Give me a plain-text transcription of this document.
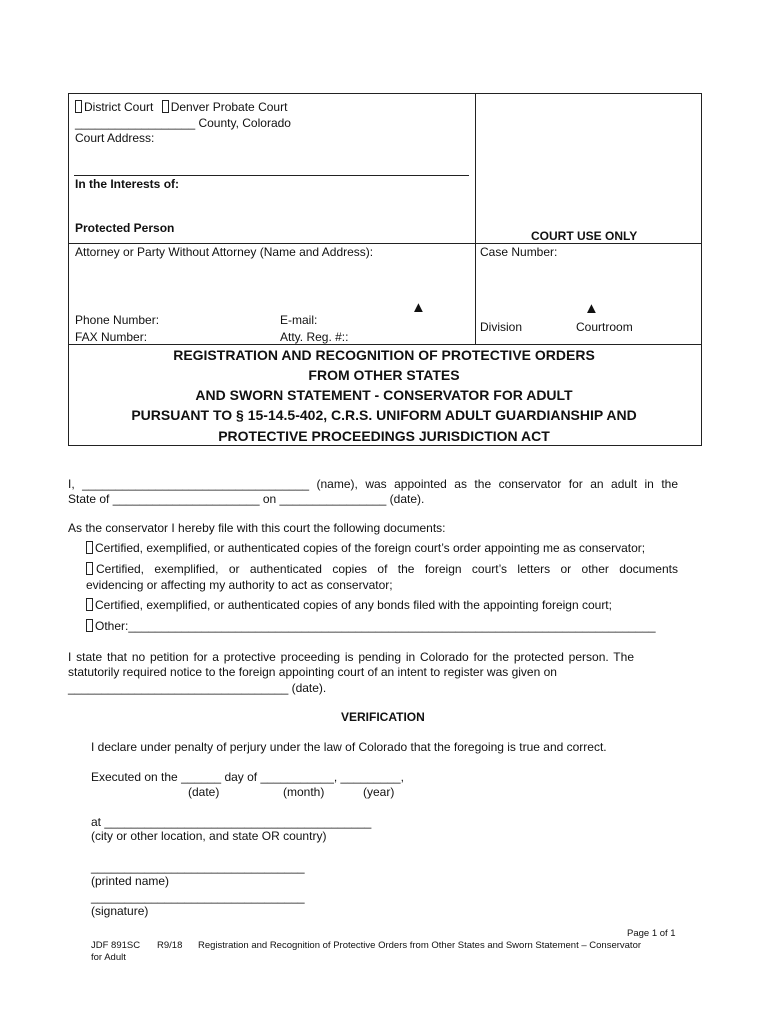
District Court Denver Probate Court
__________________ County, Colorado
Court Address:
In the Interests of:
Protected Person
COURT USE ONLY
Attorney or Party Without Attorney (Name and Address):	Case Number:
Phone Number:	E-mail:
FAX Number:	Atty. Reg. #::
▲	▲
Division	Courtroom
REGISTRATION AND RECOGNITION OF PROTECTIVE ORDERS
FROM OTHER STATES
AND SWORN STATEMENT - CONSERVATOR FOR ADULT
PURSUANT TO § 15-14.5-402, C.R.S. UNIFORM ADULT GUARDIANSHIP AND
PROTECTIVE PROCEEDINGS JURISDICTION ACT
I, __________________________________ (name), was appointed as the conservator for an adult in the
State of ______________________ on ________________ (date).
As the conservator I hereby file with this court the following documents:
Certified, exemplified, or authenticated copies of the foreign court’s order appointing me as conservator;
Certified, exemplified, or authenticated copies of the foreign court’s letters or other documents
evidencing or affecting my authority to act as conservator;
Certified, exemplified, or authenticated copies of any bonds filed with the appointing foreign court;
Other:_______________________________________________________________________________
I state that no petition for a protective proceeding is pending in Colorado for the protected person. The
statutorily required notice to the foreign appointing court of an intent to register was given on
_________________________________ (date).
VERIFICATION
I declare under penalty of perjury under the law of Colorado that the foregoing is true and correct.
Executed on the ______ day of ___________, _________,
(date)	(month)	(year)
at ________________________________________
(city or other location, and state OR country)
________________________________
(printed name)
________________________________
(signature)
Page 1 of 1
JDF 891SC R9/18 Registration and Recognition of Protective Orders from Other States and Sworn Statement – Conservator
for Adult
